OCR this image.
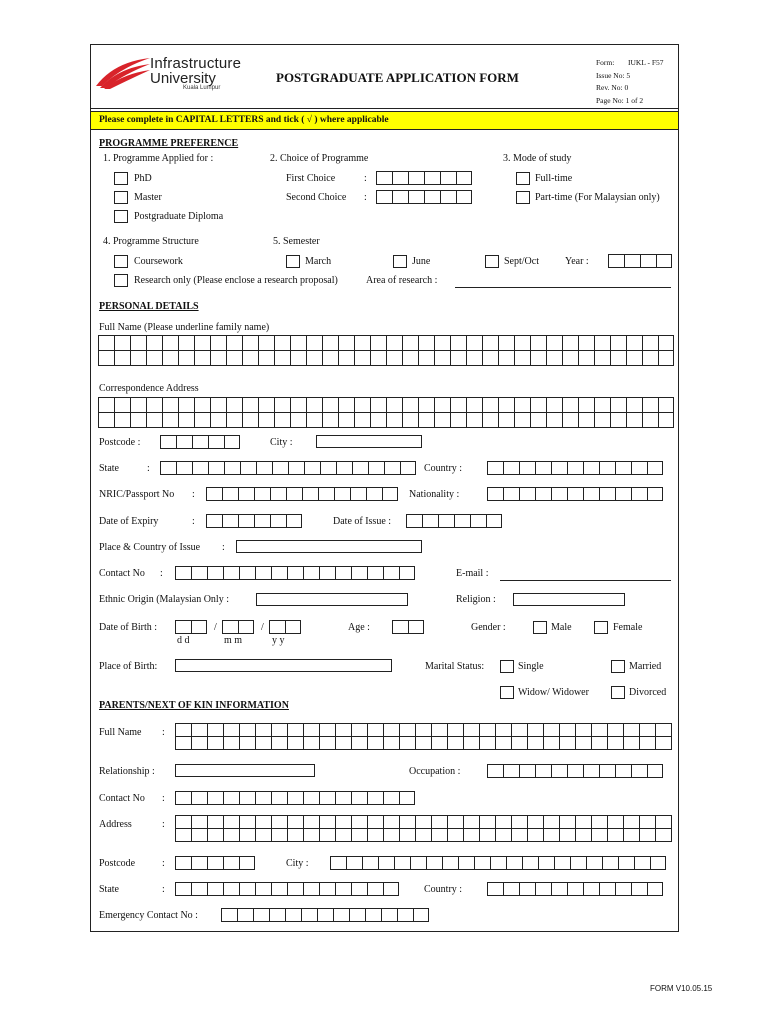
Infrastructure
University
Kuala Lumpur
POSTGRADUATE APPLICATION FORM
Form: IUKL - F57
Issue No: 5
Rev. No: 0
Page No: 1 of 2
Please complete in CAPITAL LETTERS and tick ( √ ) where applicable
PROGRAMME PREFERENCE
1. Programme Applied for :
PhD
Master
Postgraduate Diploma
2. Choice of Programme
First Choice	:
Second Choice :
3. Mode of study
Full-time
Part-time (For Malaysian only)
4. Programme Structure
Coursework
Research only (Please enclose a research proposal)	Area of research :
5. Semester
March	June	Sept/Oct	Year :
PERSONAL DETAILS
Full Name (Please underline family name)
Correspondence Address
Postcode :	City :
State	:	Country :
NRIC/Passport No :	Nationality :
Date of Expiry	:	Date of Issue :
Place & Country of Issue :
Contact No :	E-mail :
Ethnic Origin (Malaysian Only :	Religion :
Date of Birth :	/	/
d d	m m	y y
Age :	Gender :	Male	Female
Place of Birth:	Marital Status:	Single	Married
Widow/ Widower	Divorced
PARENTS/NEXT OF KIN INFORMATION
Full Name :
Relationship :	Occupation :
Contact No :
Address	:
Postcode	:	City :
State	:	Country :
Emergency Contact No :
FORM V10.05.15
